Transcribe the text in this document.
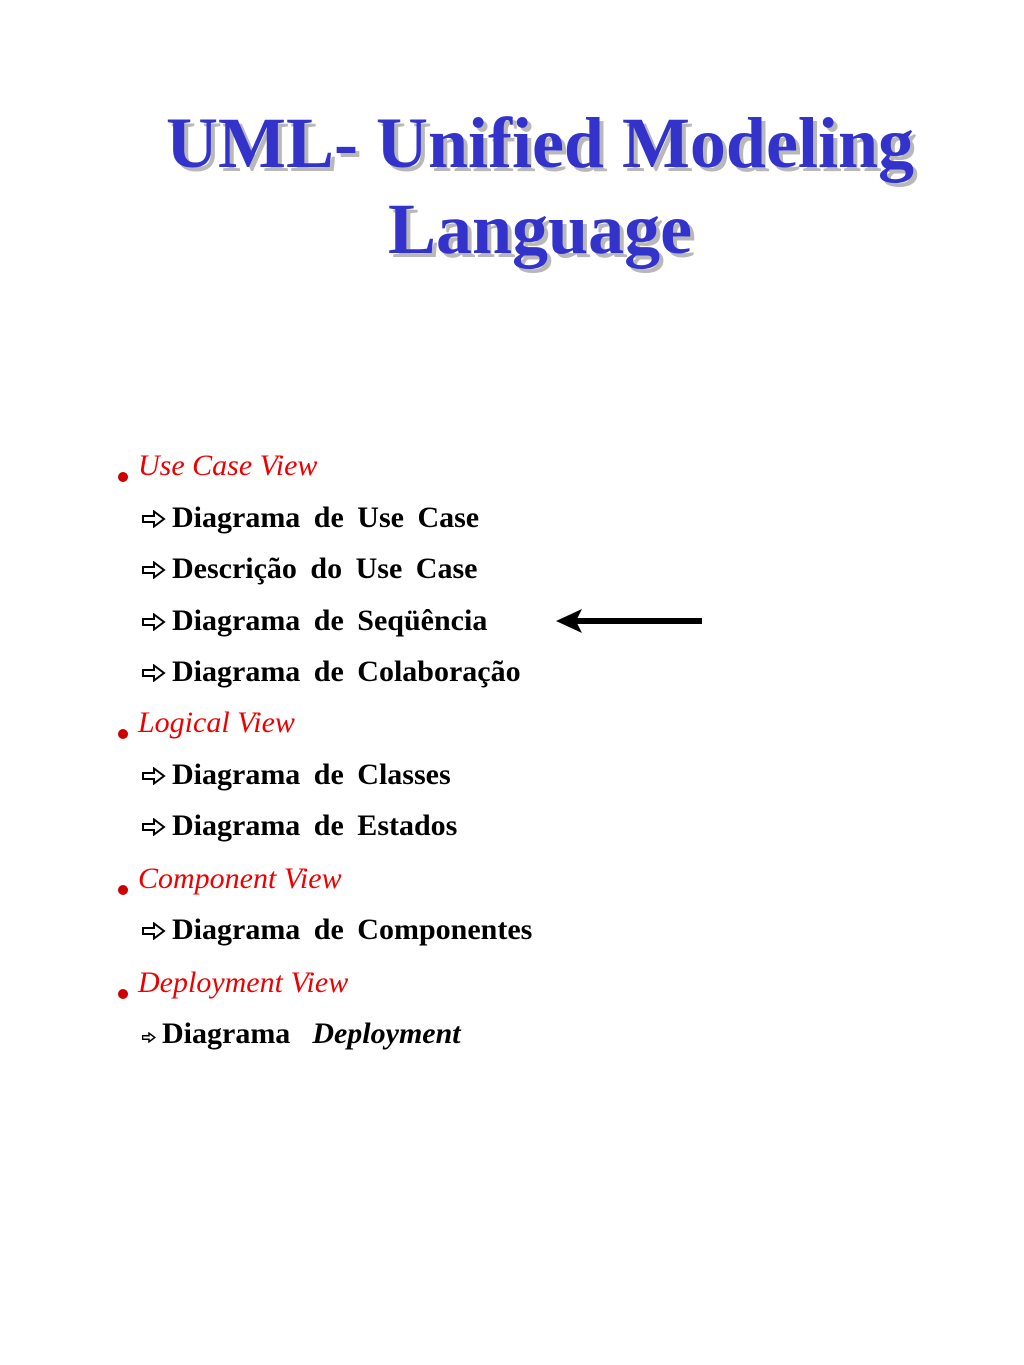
UML- Unified Modeling
Language
Use Case View
Diagrama de Use Case
Descrição do Use Case
Diagrama de Seqüência
Diagrama de Colaboração
Logical View
Diagrama de Classes
Diagrama de Estados
Component View
Diagrama de Componentes
Deployment View
Diagrama Deployment
